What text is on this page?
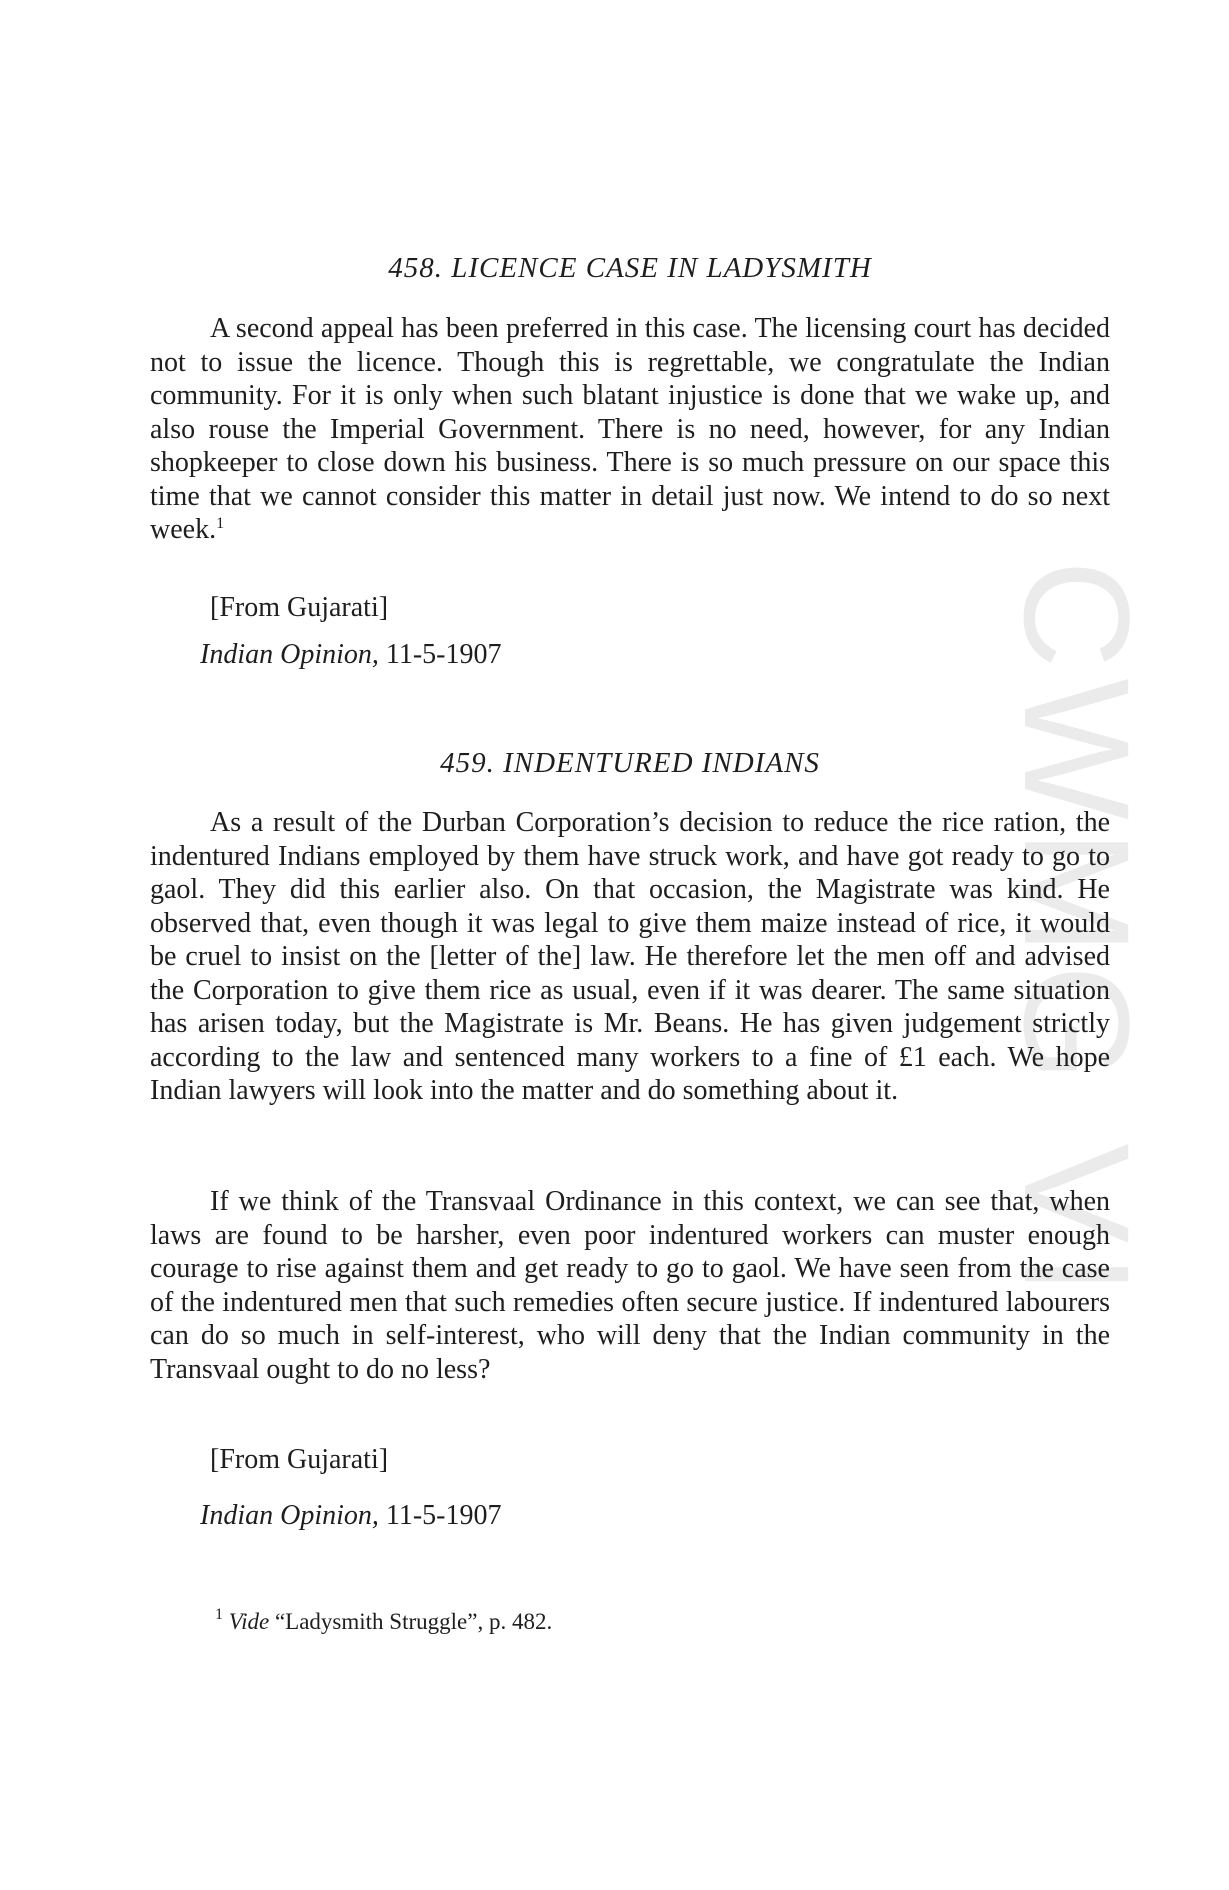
CWMG VI
458. LICENCE CASE IN LADYSMITH

A second appeal has been preferred in this case. The licensing court has decided not to issue the licence. Though this is regrettable, we congratulate the Indian community. For it is only when such blatant injustice is done that we wake up, and also rouse the Imperial Government. There is no need, however, for any Indian shopkeeper to close down his business. There is so much pressure on our space this time that we cannot consider this matter in detail just now. We intend to do so next week.$^1$

[From Gujarati]

Indian Opinion, 11-5-1907

459. INDENTURED INDIANS

As a result of the Durban Corporation’s decision to reduce the rice ration, the indentured Indians employed by them have struck work, and have got ready to go to gaol. They did this earlier also. On that occasion, the Magistrate was kind. He observed that, even though it was legal to give them maize instead of rice, it would be cruel to insist on the [letter of the] law. He therefore let the men off and advised the Corporation to give them rice as usual, even if it was dearer. The same situation has arisen today, but the Magistrate is Mr. Beans. He has given judgement strictly according to the law and sentenced many workers to a fine of £1 each. We hope Indian lawyers will look into the matter and do something about it.

If we think of the Transvaal Ordinance in this context, we can see that, when laws are found to be harsher, even poor indentured workers can muster enough courage to rise against them and get ready to go to gaol. We have seen from the case of the indentured men that such remedies often secure justice. If indentured labourers can do so much in self-interest, who will deny that the Indian community in the Transvaal ought to do no less?

[From Gujarati]

Indian Opinion, 11-5-1907

$^1$ Vide “Ladysmith Struggle”, p. 482.
